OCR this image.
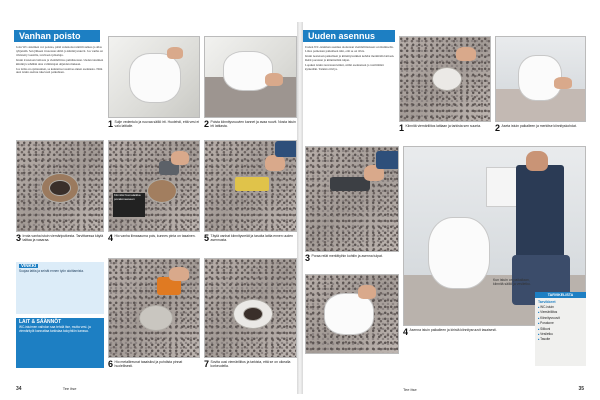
Vanhan poisto

Jotta WC-istuimen voi poistaa, pitää vedenottoventtiili sulkea ja allas tyhjentää. Sen jälkeen irrotetaan säiliö ja kiinnitysruuvit. Jos vanha on tiivistetty laastilla, tarvitaan työkaluja.

Istuin irrotetaan lattiasta ja viemäriliitos puhdistetaan. Uuden istuimen kiinnitys tehdään aina valmistajan ohjeiden mukaan.

Jos lattia on epätasainen, se kannattaa tasoittaa ennen asennusta. Näin uusi istuin asettuu tukevasti paikalleen.

1 Sulje vedentulo ja ruuvaa säiliö irti. Huolehdi, että vesi ei valu lattialle.	2 Poista kiinnitysruuvien kannet ja avaa ruuvit. Nosta istuin irti lattiasta.
Kiinnitä hiomalaikka porakoneeseen
3 Irrota vanha istuin viemäriputkesta. Tarvittaessa käytä talttaa ja vasaraa.	4 Hio vanha liimasauma pois, kunnes pinta on tasainen. 5 Täytä vanhat kiinnitysreiät ja tasoita lattia ennen uuden asennusta.
VINKKI
Suojaa lattia ja seinät ennen työn aloittamista.
LAIT & SÄÄNNÖT
WC-istuimen vaihdon saa tehdä itse, mutta vesi- ja viemärityöt kannattaa tarkistaa taloyhtiön kanssa.
6 Hio metallireunat tasaisiksi ja puhdista pinnat huolellisesti.	7 Sovita uusi viemäriliitos ja tarkista, että se on oikealla korkeudella.
34	Tee itse
Uuden asennus

Uuden WC-istuimen asennus aloitetaan viemäriliitoksen sovittamisella. Liitos painetaan paikalleen niin, että se on tiivis.

Istuin nostetaan paikalleen ja kiinnitysreikien kohdat merkitään lattiaan. Reiät porataan ja kiinnitetään tulpat.

Lopuksi istuin ruuvataan kiinni, säiliö asennetaan ja vesiliitäntä kytketään. Tarkista tiiviys.

1 Kiinnitä viemäriliitos lattiaan ja tarkista sen suunta.	2 Aseta istuin paikalleen ja merkitse kiinnityskohdat.
3 Poraa reiät merkittyihin kohtiin ja asenna tulpat.
4 Asenna istuin paikalleen ja kiristä kiinnitysruuvit tasaisesti.
Kun istuin on paikallaan, kiinnitä säiliö ja vesiletku.
TARVIKELISTA
Tarvikkeet
■ WC-istuin
■ Viemäriliitos
■ Kiinnitysruuvit
■ Porakone
■ Silikoni
■ Vesiletku
■ Tasoite
Tee itse	35
